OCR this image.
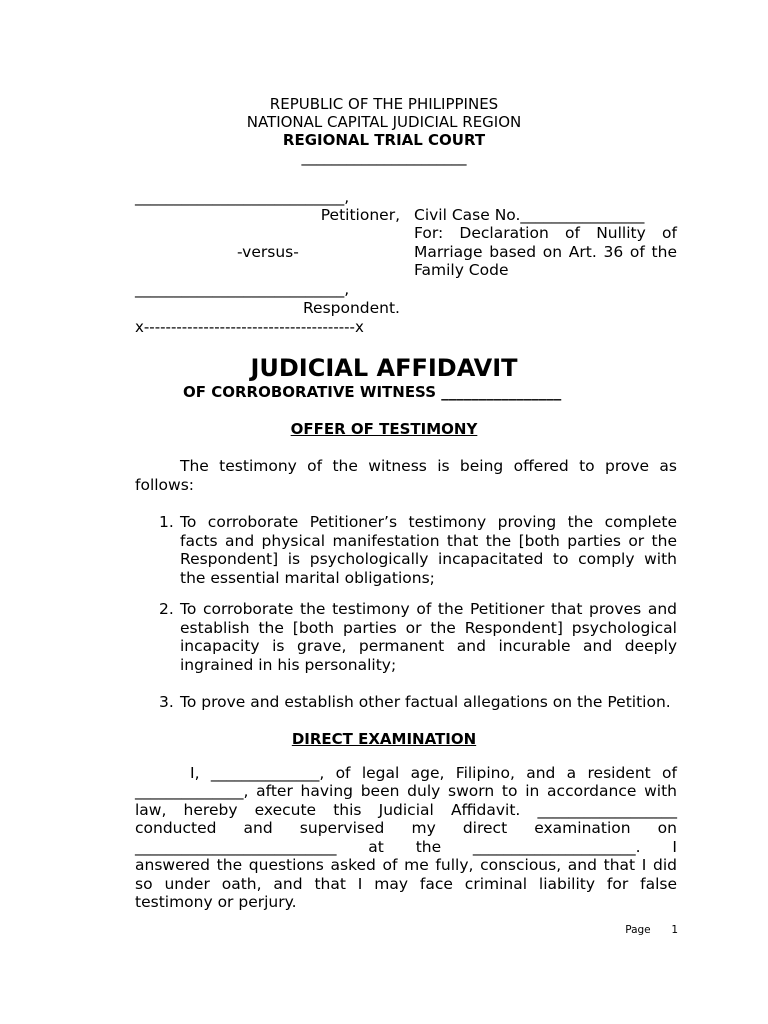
REPUBLIC OF THE PHILIPPINES
NATIONAL CAPITAL JUDICIAL REGION
REGIONAL TRIAL COURT
______________________
___________________________,
Petitioner,
-versus-
___________________________,
Respondent.
x---------------------------------------x
Civil Case No.________________
For: Declaration of Nullity of
Marriage based on Art. 36 of the
Family Code
JUDICIAL AFFIDAVIT
OF CORROBORATIVE WITNESS ________________
OFFER OF TESTIMONY
The testimony of the witness is being offered to prove as
follows:
1. To corroborate Petitioner’s testimony proving the complete facts and physical manifestation that the [both parties or the Respondent] is psychologically incapacitated to comply with the essential marital obligations;
2. To corroborate the testimony of the Petitioner that proves and establish the [both parties or the Respondent] psychological incapacity is grave, permanent and incurable and deeply ingrained in his personality;
3. To prove and establish other factual allegations on the Petition.
DIRECT EXAMINATION
I, ______________, of legal age, Filipino, and a resident of
______________, after having been duly sworn to in accordance with
law, hereby execute this Judicial Affidavit. __________________
conducted and supervised my direct examination on
__________________________ at the _____________________. I
answered the questions asked of me fully, conscious, and that I did
so under oath, and that I may face criminal liability for false
testimony or perjury.
Page 1
